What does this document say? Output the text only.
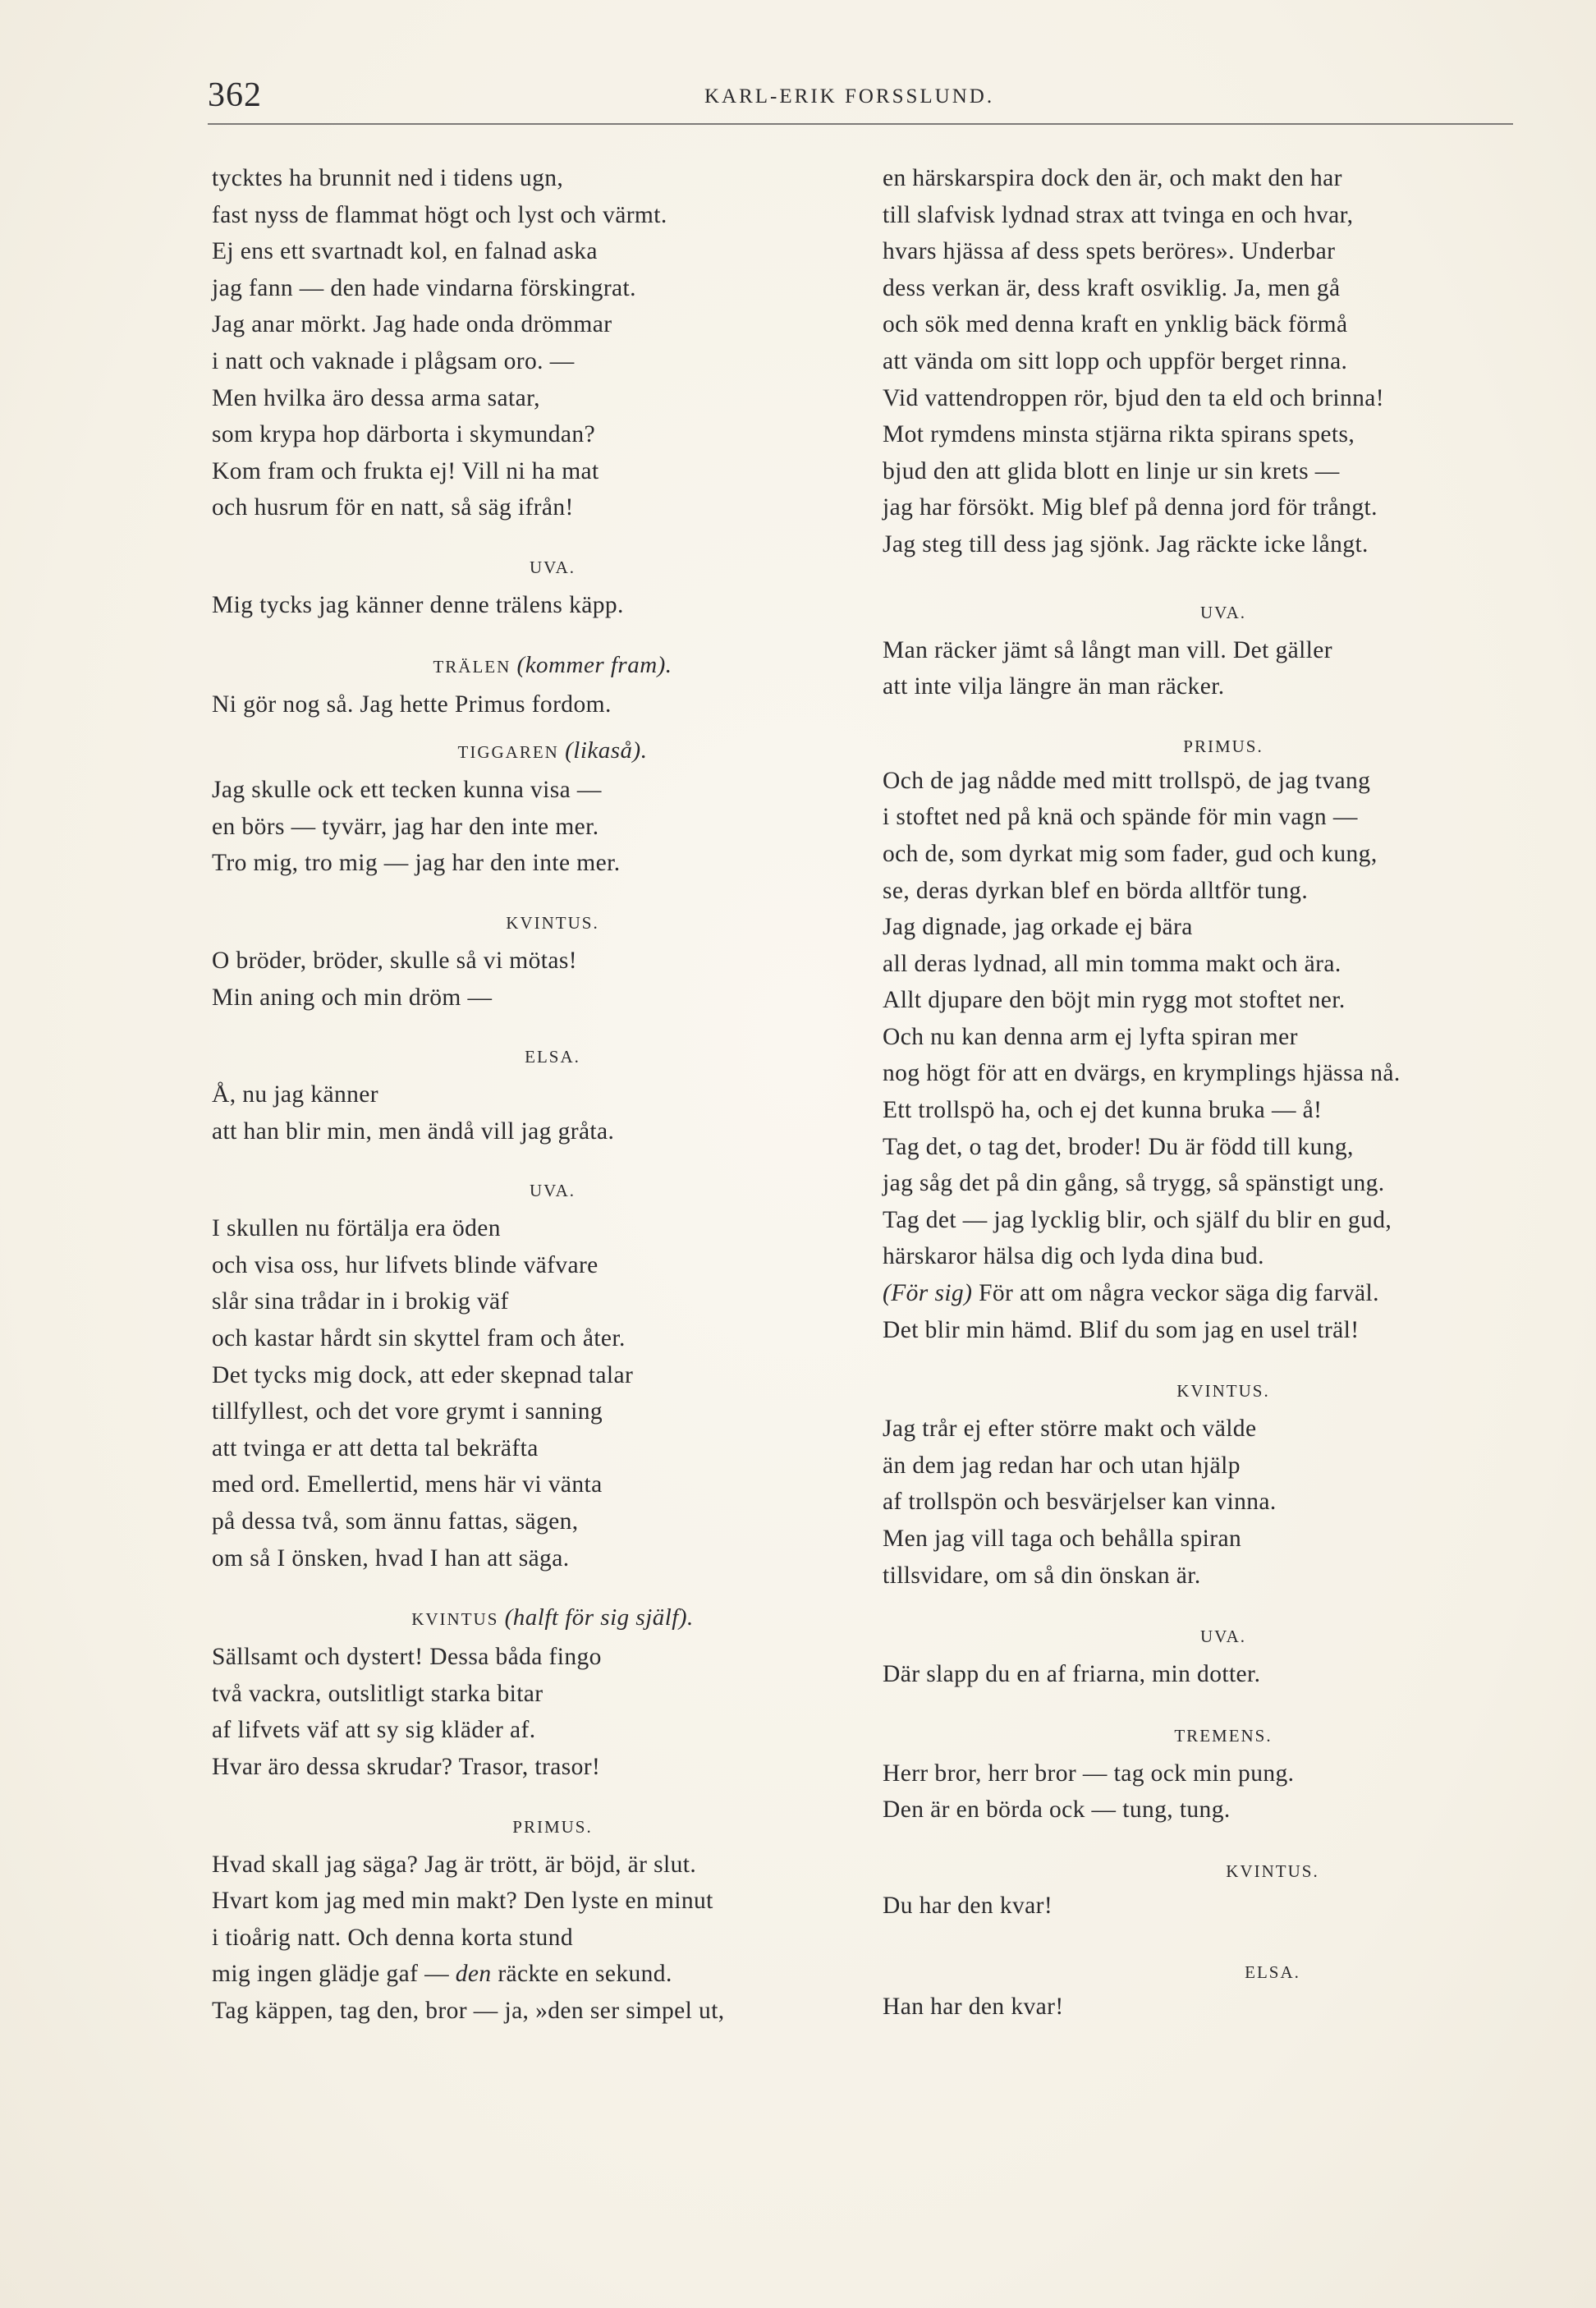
362	KARL-ERIK FORSSLUND.
tycktes ha brunnit ned i tidens ugn,
fast nyss de flammat högt och lyst och värmt.
Ej ens ett svartnadt kol, en falnad aska
jag fann — den hade vindarna förskingrat.
Jag anar mörkt. Jag hade onda drömmar
i natt och vaknade i plågsam oro. —
Men hvilka äro dessa arma satar,
som krypa hop därborta i skymundan?
Kom fram och frukta ej! Vill ni ha mat
och husrum för en natt, så säg ifrån!
UVA.
Mig tycks jag känner denne trälens käpp.
TRÄLEN (kommer fram).
Ni gör nog så. Jag hette Primus fordom.
TIGGAREN (likaså).
Jag skulle ock ett tecken kunna visa —
en börs — tyvärr, jag har den inte mer.
Tro mig, tro mig — jag har den inte mer.
KVINTUS.
O bröder, bröder, skulle så vi mötas!
Min aning och min dröm —
ELSA.
Å, nu jag känner
att han blir min, men ändå vill jag gråta.
UVA.
I skullen nu förtälja era öden
och visa oss, hur lifvets blinde väfvare
slår sina trådar in i brokig väf
och kastar hårdt sin skyttel fram och åter.
Det tycks mig dock, att eder skepnad talar
tillfyllest, och det vore grymt i sanning
att tvinga er att detta tal bekräfta
med ord. Emellertid, mens här vi vänta
på dessa två, som ännu fattas, sägen,
om så I önsken, hvad I han att säga.
KVINTUS (halft för sig själf).
Sällsamt och dystert! Dessa båda fingo
två vackra, outslitligt starka bitar
af lifvets väf att sy sig kläder af.
Hvar äro dessa skrudar? Trasor, trasor!
PRIMUS.
Hvad skall jag säga? Jag är trött, är böjd, är slut.
Hvart kom jag med min makt? Den lyste en minut
i tioårig natt. Och denna korta stund
mig ingen glädje gaf — den räckte en sekund.
Tag käppen, tag den, bror — ja, »den ser simpel ut,
en härskarspira dock den är, och makt den har
till slafvisk lydnad strax att tvinga en och hvar,
hvars hjässa af dess spets beröres». Underbar
dess verkan är, dess kraft osviklig. Ja, men gå
och sök med denna kraft en ynklig bäck förmå
att vända om sitt lopp och uppför berget rinna.
Vid vattendroppen rör, bjud den ta eld och brinna!
Mot rymdens minsta stjärna rikta spirans spets,
bjud den att glida blott en linje ur sin krets —
jag har försökt. Mig blef på denna jord för trångt.
Jag steg till dess jag sjönk. Jag räckte icke långt.
UVA.
Man räcker jämt så långt man vill. Det gäller
att inte vilja längre än man räcker.
PRIMUS.
Och de jag nådde med mitt trollspö, de jag tvang
i stoftet ned på knä och spände för min vagn —
och de, som dyrkat mig som fader, gud och kung,
se, deras dyrkan blef en börda alltför tung.
Jag dignade, jag orkade ej bära
all deras lydnad, all min tomma makt och ära.
Allt djupare den böjt min rygg mot stoftet ner.
Och nu kan denna arm ej lyfta spiran mer
nog högt för att en dvärgs, en krymplings hjässa nå.
Ett trollspö ha, och ej det kunna bruka — å!
Tag det, o tag det, broder! Du är född till kung,
jag såg det på din gång, så trygg, så spänstigt ung.
Tag det — jag lycklig blir, och själf du blir en gud,
härskaror hälsa dig och lyda dina bud.
(För sig) För att om några veckor säga dig farväl.
Det blir min hämd. Blif du som jag en usel träl!
KVINTUS.
Jag trår ej efter större makt och välde
än dem jag redan har och utan hjälp
af trollspön och besvärjelser kan vinna.
Men jag vill taga och behålla spiran
tillsvidare, om så din önskan är.
UVA.
Där slapp du en af friarna, min dotter.
TREMENS.
Herr bror, herr bror — tag ock min pung.
Den är en börda ock — tung, tung.
KVINTUS.
Du har den kvar!
ELSA.
Han har den kvar!
